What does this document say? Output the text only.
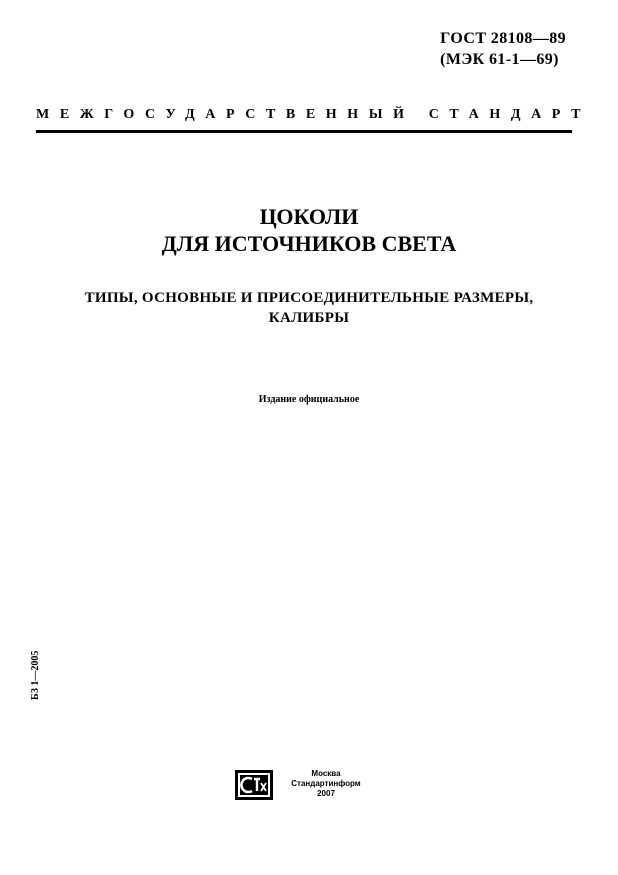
ГОСТ 28108—89
(МЭК 61-1—69)
МЕЖГОСУДАРСТВЕННЫЙ СТАНДАРТ
ЦОКОЛИ
ДЛЯ ИСТОЧНИКОВ СВЕТА
ТИПЫ, ОСНОВНЫЕ И ПРИСОЕДИНИТЕЛЬНЫЕ РАЗМЕРЫ,
КАЛИБРЫ
Издание официальное
БЗ 1—2005
Москва
Стандартинформ
2007
